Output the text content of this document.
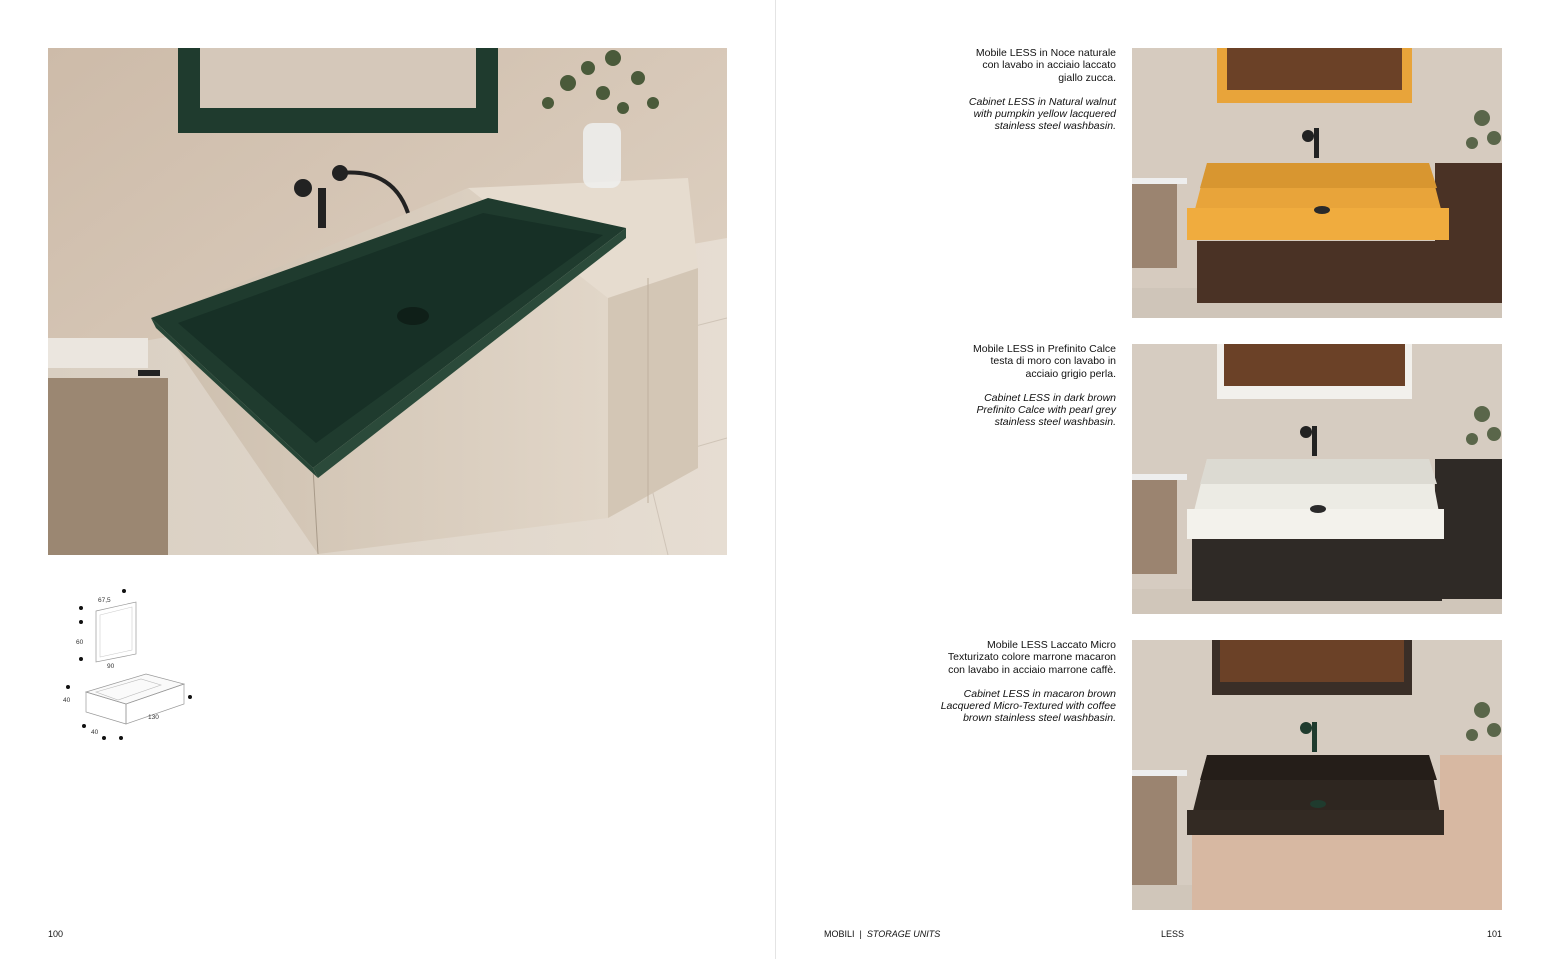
67,5
60
90
40
130
40
100
Mobile LESS in Noce naturale
con lavabo in acciaio laccato
giallo zucca.
Cabinet LESS in Natural walnut
with pumpkin yellow lacquered
stainless steel washbasin.
Mobile LESS in Prefinito Calce
testa di moro con lavabo in
acciaio grigio perla.
Cabinet LESS in dark brown
Prefinito Calce with pearl grey
stainless steel washbasin.
Mobile LESS Laccato Micro
Texturizato colore marrone macaron
con lavabo in acciaio marrone caffè.
Cabinet LESS in macaron brown
Lacquered Micro-Textured with coffee
brown stainless steel washbasin.
MOBILI  |  STORAGE UNITS	LESS	101
